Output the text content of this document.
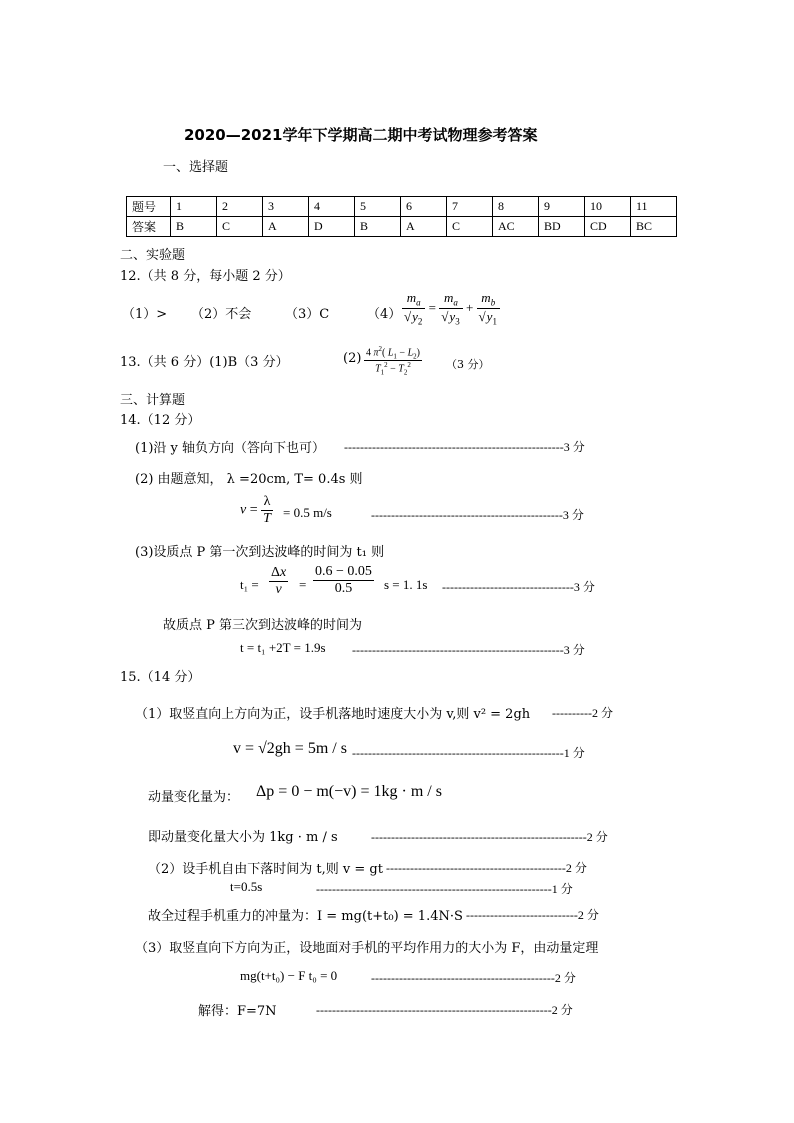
2020—2021学年下学期高二期中考试物理参考答案
一、选择题
题号	1	2	3	4	5	6	7	8	9	10	11
答案	B	C	A	D	B	A	C	AC	BD	CD	BC
二、实验题
12.（共 8 分，每小题 2 分）
（1）> （2）不会	（3）C	$(4) \frac{m_a}{√y_2} = \frac{m_a}{√y_3} + \frac{m_b}{√y_1}$
13.（共 6 分）(1)B（3 分）	$(2) \frac{4 \pi^2( L_1 - L_2)}{T_1^2 - T_2^2} (3$ 分）
三、计算题
14.（12 分）
(1)沿 y 轴负方向（答向下也可） -------------------------------------------------------3 分
(2) 由题意知， λ =20cm, T= 0.4s 则
$v = \frac{\lambda}{T} = 0.5$ m/s	------------------------------------------------3 分
(3)设质点 P 第一次到达波峰的时间为 t₁ 则
$t_1 = \frac{\Delta x}{v} = \frac{0.6 - 0.05}{0.5}$ s = 1. 1s ---------------------------------3 分
故质点 P 第三次到达波峰的时间为
t = t₁ +2T = 1.9s -----------------------------------------------------3 分
15.（14 分）
（1）取竖直向上方向为正，设手机落地时速度大小为 v,则 v² = 2gh ----------2 分
v = √2gh = 5m / s -----------------------------------------------------1 分
动量变化量为： Δp = 0 − m(−v) = 1kg · m / s
即动量变化量大小为 1kg · m / s	------------------------------------------------------2 分
（2）设手机自由下落时间为 t,则 v = gt ---------------------------------------------2 分
t=0.5s	-----------------------------------------------------------1 分
故全过程手机重力的冲量为：I = mg(t+t₀) = 1.4N·S ----------------------------2 分
（3）取竖直向下方向为正，设地面对手机的平均作用力的大小为 F，由动量定理
mg(t+t₀) − F t₀ = 0	----------------------------------------------2 分
解得：F=7N	-----------------------------------------------------------2 分
